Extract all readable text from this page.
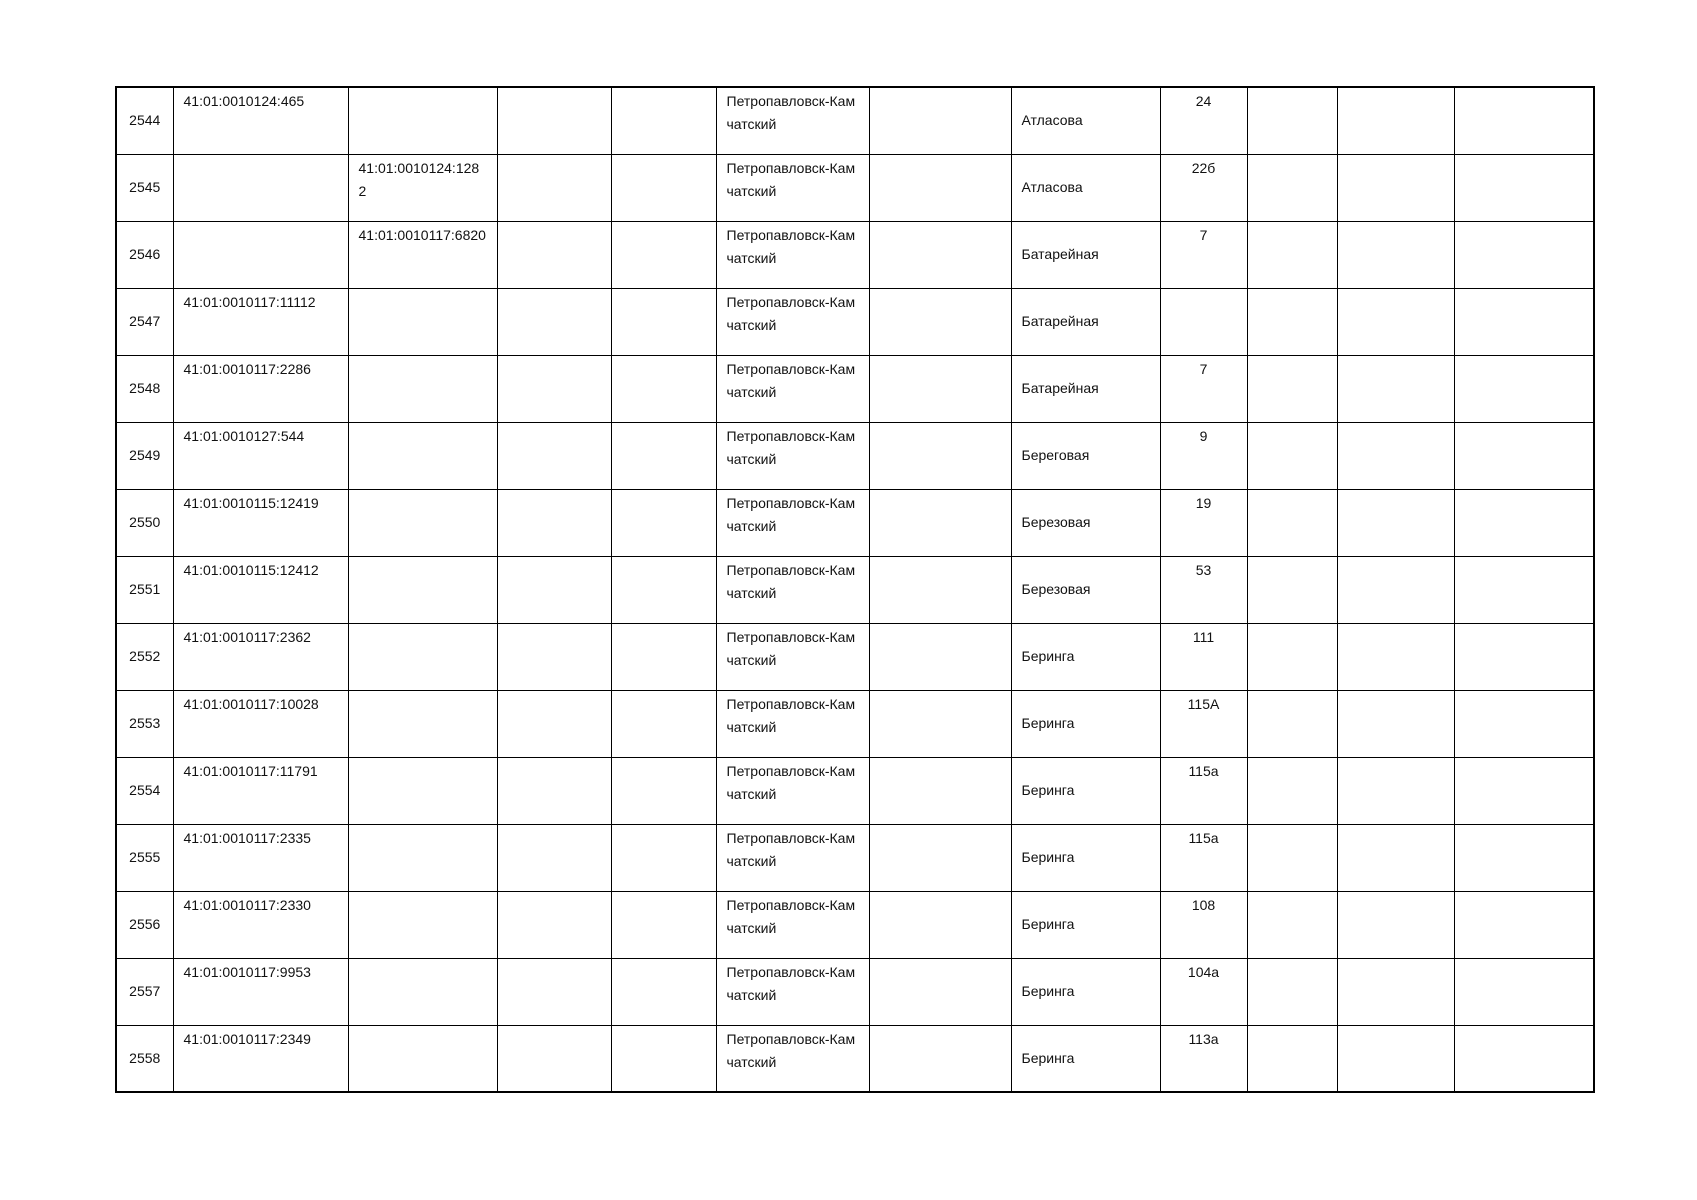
2544	41:01:0010124:465				Петропавловск-Камчатский		Атласова	24			
2545		41:01:0010124:1282			Петропавловск-Камчатский		Атласова	22б			
2546		41:01:0010117:6820			Петропавловск-Камчатский		Батарейная	7			
2547	41:01:0010117:11112				Петропавловск-Камчатский		Батарейная				
2548	41:01:0010117:2286				Петропавловск-Камчатский		Батарейная	7			
2549	41:01:0010127:544				Петропавловск-Камчатский		Береговая	9			
2550	41:01:0010115:12419				Петропавловск-Камчатский		Березовая	19			
2551	41:01:0010115:12412				Петропавловск-Камчатский		Березовая	53			
2552	41:01:0010117:2362				Петропавловск-Камчатский		Беринга	111			
2553	41:01:0010117:10028				Петропавловск-Камчатский		Беринга	115А			
2554	41:01:0010117:11791				Петропавловск-Камчатский		Беринга	115а			
2555	41:01:0010117:2335				Петропавловск-Камчатский		Беринга	115а			
2556	41:01:0010117:2330				Петропавловск-Камчатский		Беринга	108			
2557	41:01:0010117:9953				Петропавловск-Камчатский		Беринга	104а			
2558	41:01:0010117:2349				Петропавловск-Камчатский		Беринга	113а			
